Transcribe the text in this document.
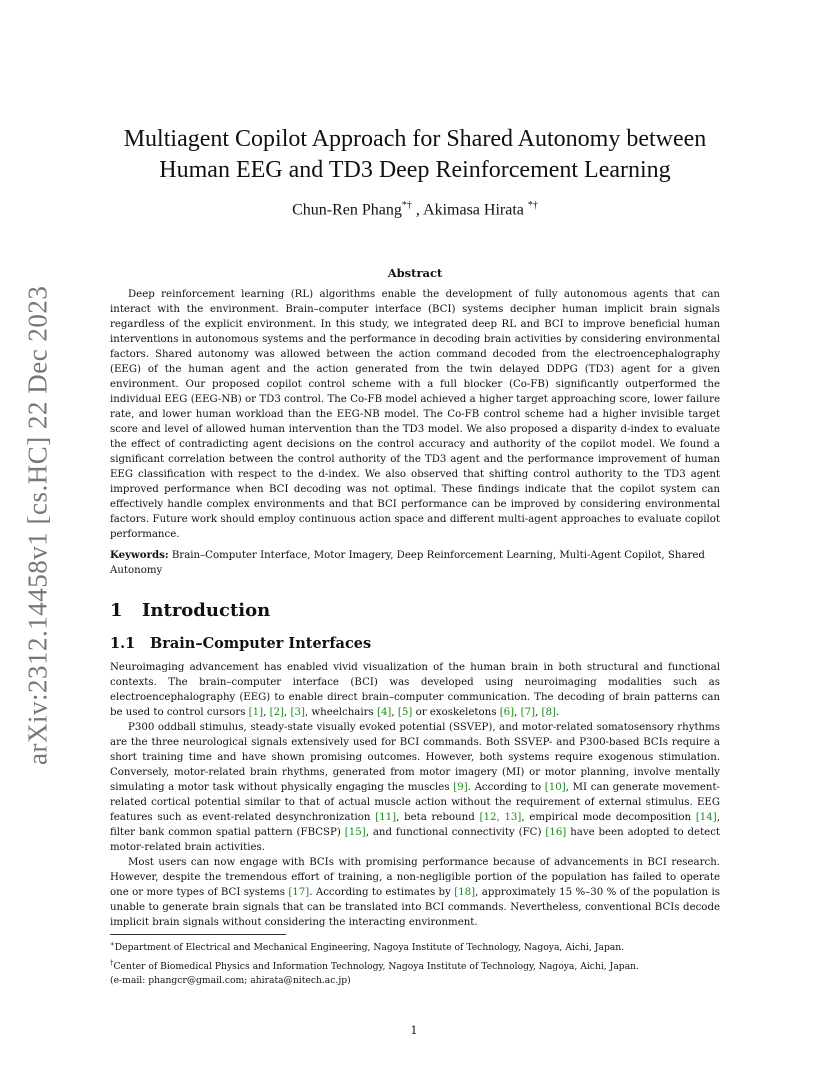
arXiv:2312.14458v1 [cs.HC] 22 Dec 2023
Multiagent Copilot Approach for Shared Autonomy between Human EEG and TD3 Deep Reinforcement Learning
Chun-Ren Phang*† , Akimasa Hirata *†
Abstract

Deep reinforcement learning (RL) algorithms enable the development of fully autonomous agents that can interact with the environment. Brain–computer interface (BCI) systems decipher human implicit brain signals regardless of the explicit environment. In this study, we integrated deep RL and BCI to improve beneficial human interventions in autonomous systems and the performance in decoding brain activities by considering environmental factors. Shared autonomy was allowed between the action command decoded from the electroencephalography (EEG) of the human agent and the action generated from the twin delayed DDPG (TD3) agent for a given environment. Our proposed copilot control scheme with a full blocker (Co-FB) significantly outperformed the individual EEG (EEG-NB) or TD3 control. The Co-FB model achieved a higher target approaching score, lower failure rate, and lower human workload than the EEG-NB model. The Co-FB control scheme had a higher invisible target score and level of allowed human intervention than the TD3 model. We also proposed a disparity d-index to evaluate the effect of contradicting agent decisions on the control accuracy and authority of the copilot model. We found a significant correlation between the control authority of the TD3 agent and the performance improvement of human EEG classification with respect to the d-index. We also observed that shifting control authority to the TD3 agent improved performance when BCI decoding was not optimal. These findings indicate that the copilot system can effectively handle complex environments and that BCI performance can be improved by considering environmental factors. Future work should employ continuous action space and different multi-agent approaches to evaluate copilot performance.

Keywords: Brain–Computer Interface, Motor Imagery, Deep Reinforcement Learning, Multi-Agent Copilot, Shared Autonomy
1 Introduction
1.1 Brain–Computer Interfaces

Neuroimaging advancement has enabled vivid visualization of the human brain in both structural and functional contexts. The brain–computer interface (BCI) was developed using neuroimaging modalities such as electroencephalography (EEG) to enable direct brain–computer communication. The decoding of brain patterns can be used to control cursors [1], [2], [3], wheelchairs [4], [5] or exoskeletons [6], [7], [8].

P300 oddball stimulus, steady-state visually evoked potential (SSVEP), and motor-related somatosensory rhythms are the three neurological signals extensively used for BCI commands. Both SSVEP- and P300-based BCIs require a short training time and have shown promising outcomes. However, both systems require exogenous stimulation. Conversely, motor-related brain rhythms, generated from motor imagery (MI) or motor planning, involve mentally simulating a motor task without physically engaging the muscles [9]. According to [10], MI can generate movement-related cortical potential similar to that of actual muscle action without the requirement of external stimulus. EEG features such as event-related desynchronization [11], beta rebound [12, 13], empirical mode decomposition [14], filter bank common spatial pattern (FBCSP) [15], and functional connectivity (FC) [16] have been adopted to detect motor-related brain activities.

Most users can now engage with BCIs with promising performance because of advancements in BCI research. However, despite the tremendous effort of training, a non-negligible portion of the population has failed to operate one or more types of BCI systems [17]. According to estimates by [18], approximately 15 %–30 % of the population is unable to generate brain signals that can be translated into BCI commands. Nevertheless, conventional BCIs decode implicit brain signals without considering the interacting environment.

∗Department of Electrical and Mechanical Engineering, Nagoya Institute of Technology, Nagoya, Aichi, Japan.
†Center of Biomedical Physics and Information Technology, Nagoya Institute of Technology, Nagoya, Aichi, Japan.
(e-mail: phangcr@gmail.com; ahirata@nitech.ac.jp)
1
